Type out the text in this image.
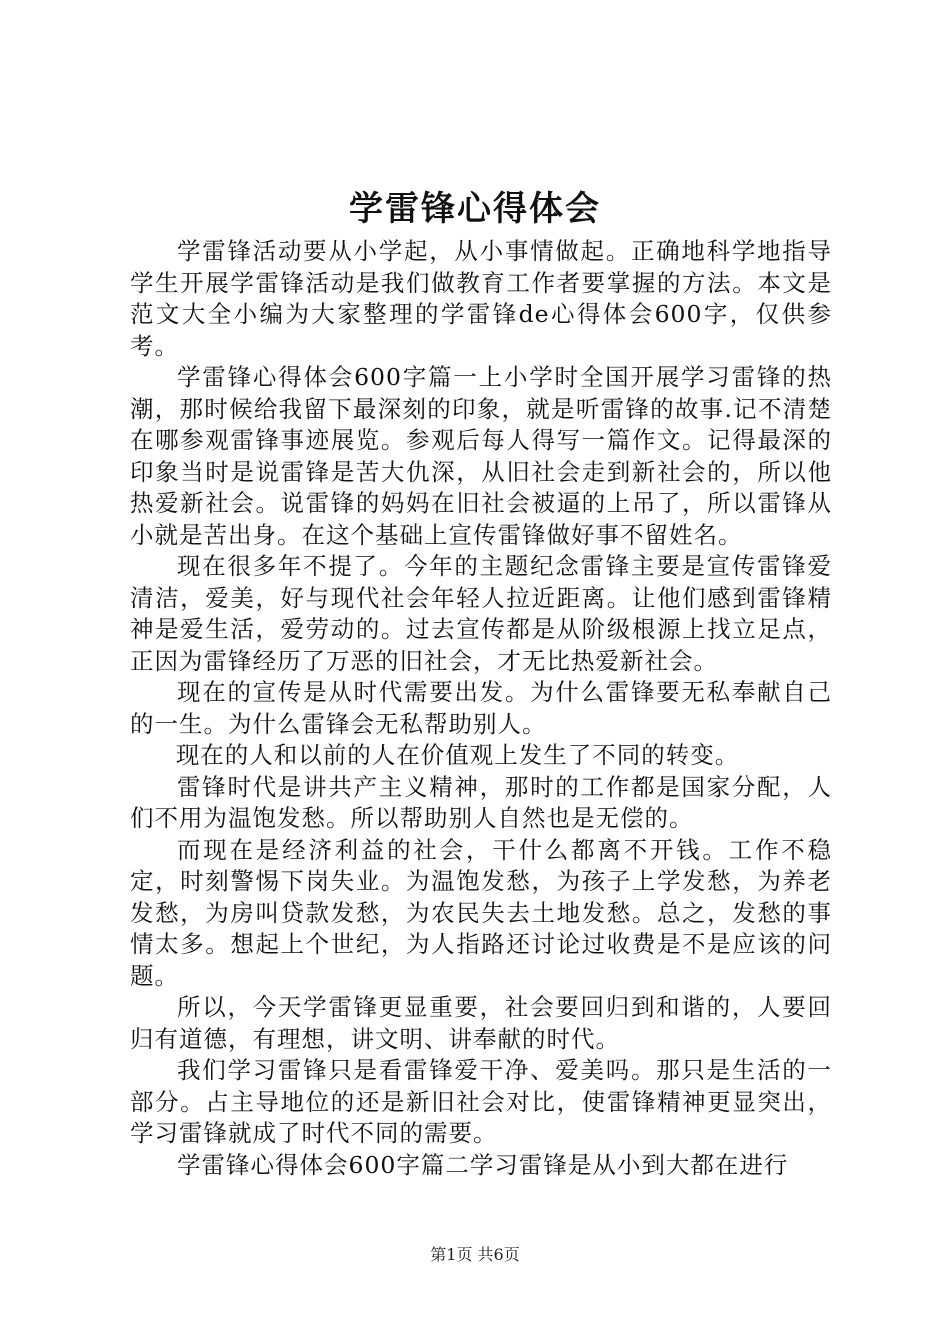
学雷锋心得体会

学雷锋活动要从小学起，从小事情做起。正确地科学地指导学生开展学雷锋活动是我们做教育工作者要掌握的方法。本文是范文大全小编为大家整理的学雷锋de心得体会600字，仅供参考。

学雷锋心得体会600字篇一上小学时全国开展学习雷锋的热潮，那时候给我留下最深刻的印象，就是听雷锋的故事.记不清楚在哪参观雷锋事迹展览。参观后每人得写一篇作文。记得最深的印象当时是说雷锋是苦大仇深，从旧社会走到新社会的，所以他热爱新社会。说雷锋的妈妈在旧社会被逼的上吊了，所以雷锋从小就是苦出身。在这个基础上宣传雷锋做好事不留姓名。

现在很多年不提了。今年的主题纪念雷锋主要是宣传雷锋爱清洁，爱美，好与现代社会年轻人拉近距离。让他们感到雷锋精神是爱生活，爱劳动的。过去宣传都是从阶级根源上找立足点，正因为雷锋经历了万恶的旧社会，才无比热爱新社会。

现在的宣传是从时代需要出发。为什么雷锋要无私奉献自己的一生。为什么雷锋会无私帮助别人。

现在的人和以前的人在价值观上发生了不同的转变。

雷锋时代是讲共产主义精神，那时的工作都是国家分配，人们不用为温饱发愁。所以帮助别人自然也是无偿的。

而现在是经济利益的社会，干什么都离不开钱。工作不稳定，时刻警惕下岗失业。为温饱发愁，为孩子上学发愁，为养老发愁，为房叫贷款发愁，为农民失去土地发愁。总之，发愁的事情太多。想起上个世纪，为人指路还讨论过收费是不是应该的问题。

所以，今天学雷锋更显重要，社会要回归到和谐的，人要回归有道德，有理想，讲文明、讲奉献的时代。

我们学习雷锋只是看雷锋爱干净、爱美吗。那只是生活的一部分。占主导地位的还是新旧社会对比，使雷锋精神更显突出，学习雷锋就成了时代不同的需要。

学雷锋心得体会600字篇二学习雷锋是从小到大都在进行

第1页 共6页
